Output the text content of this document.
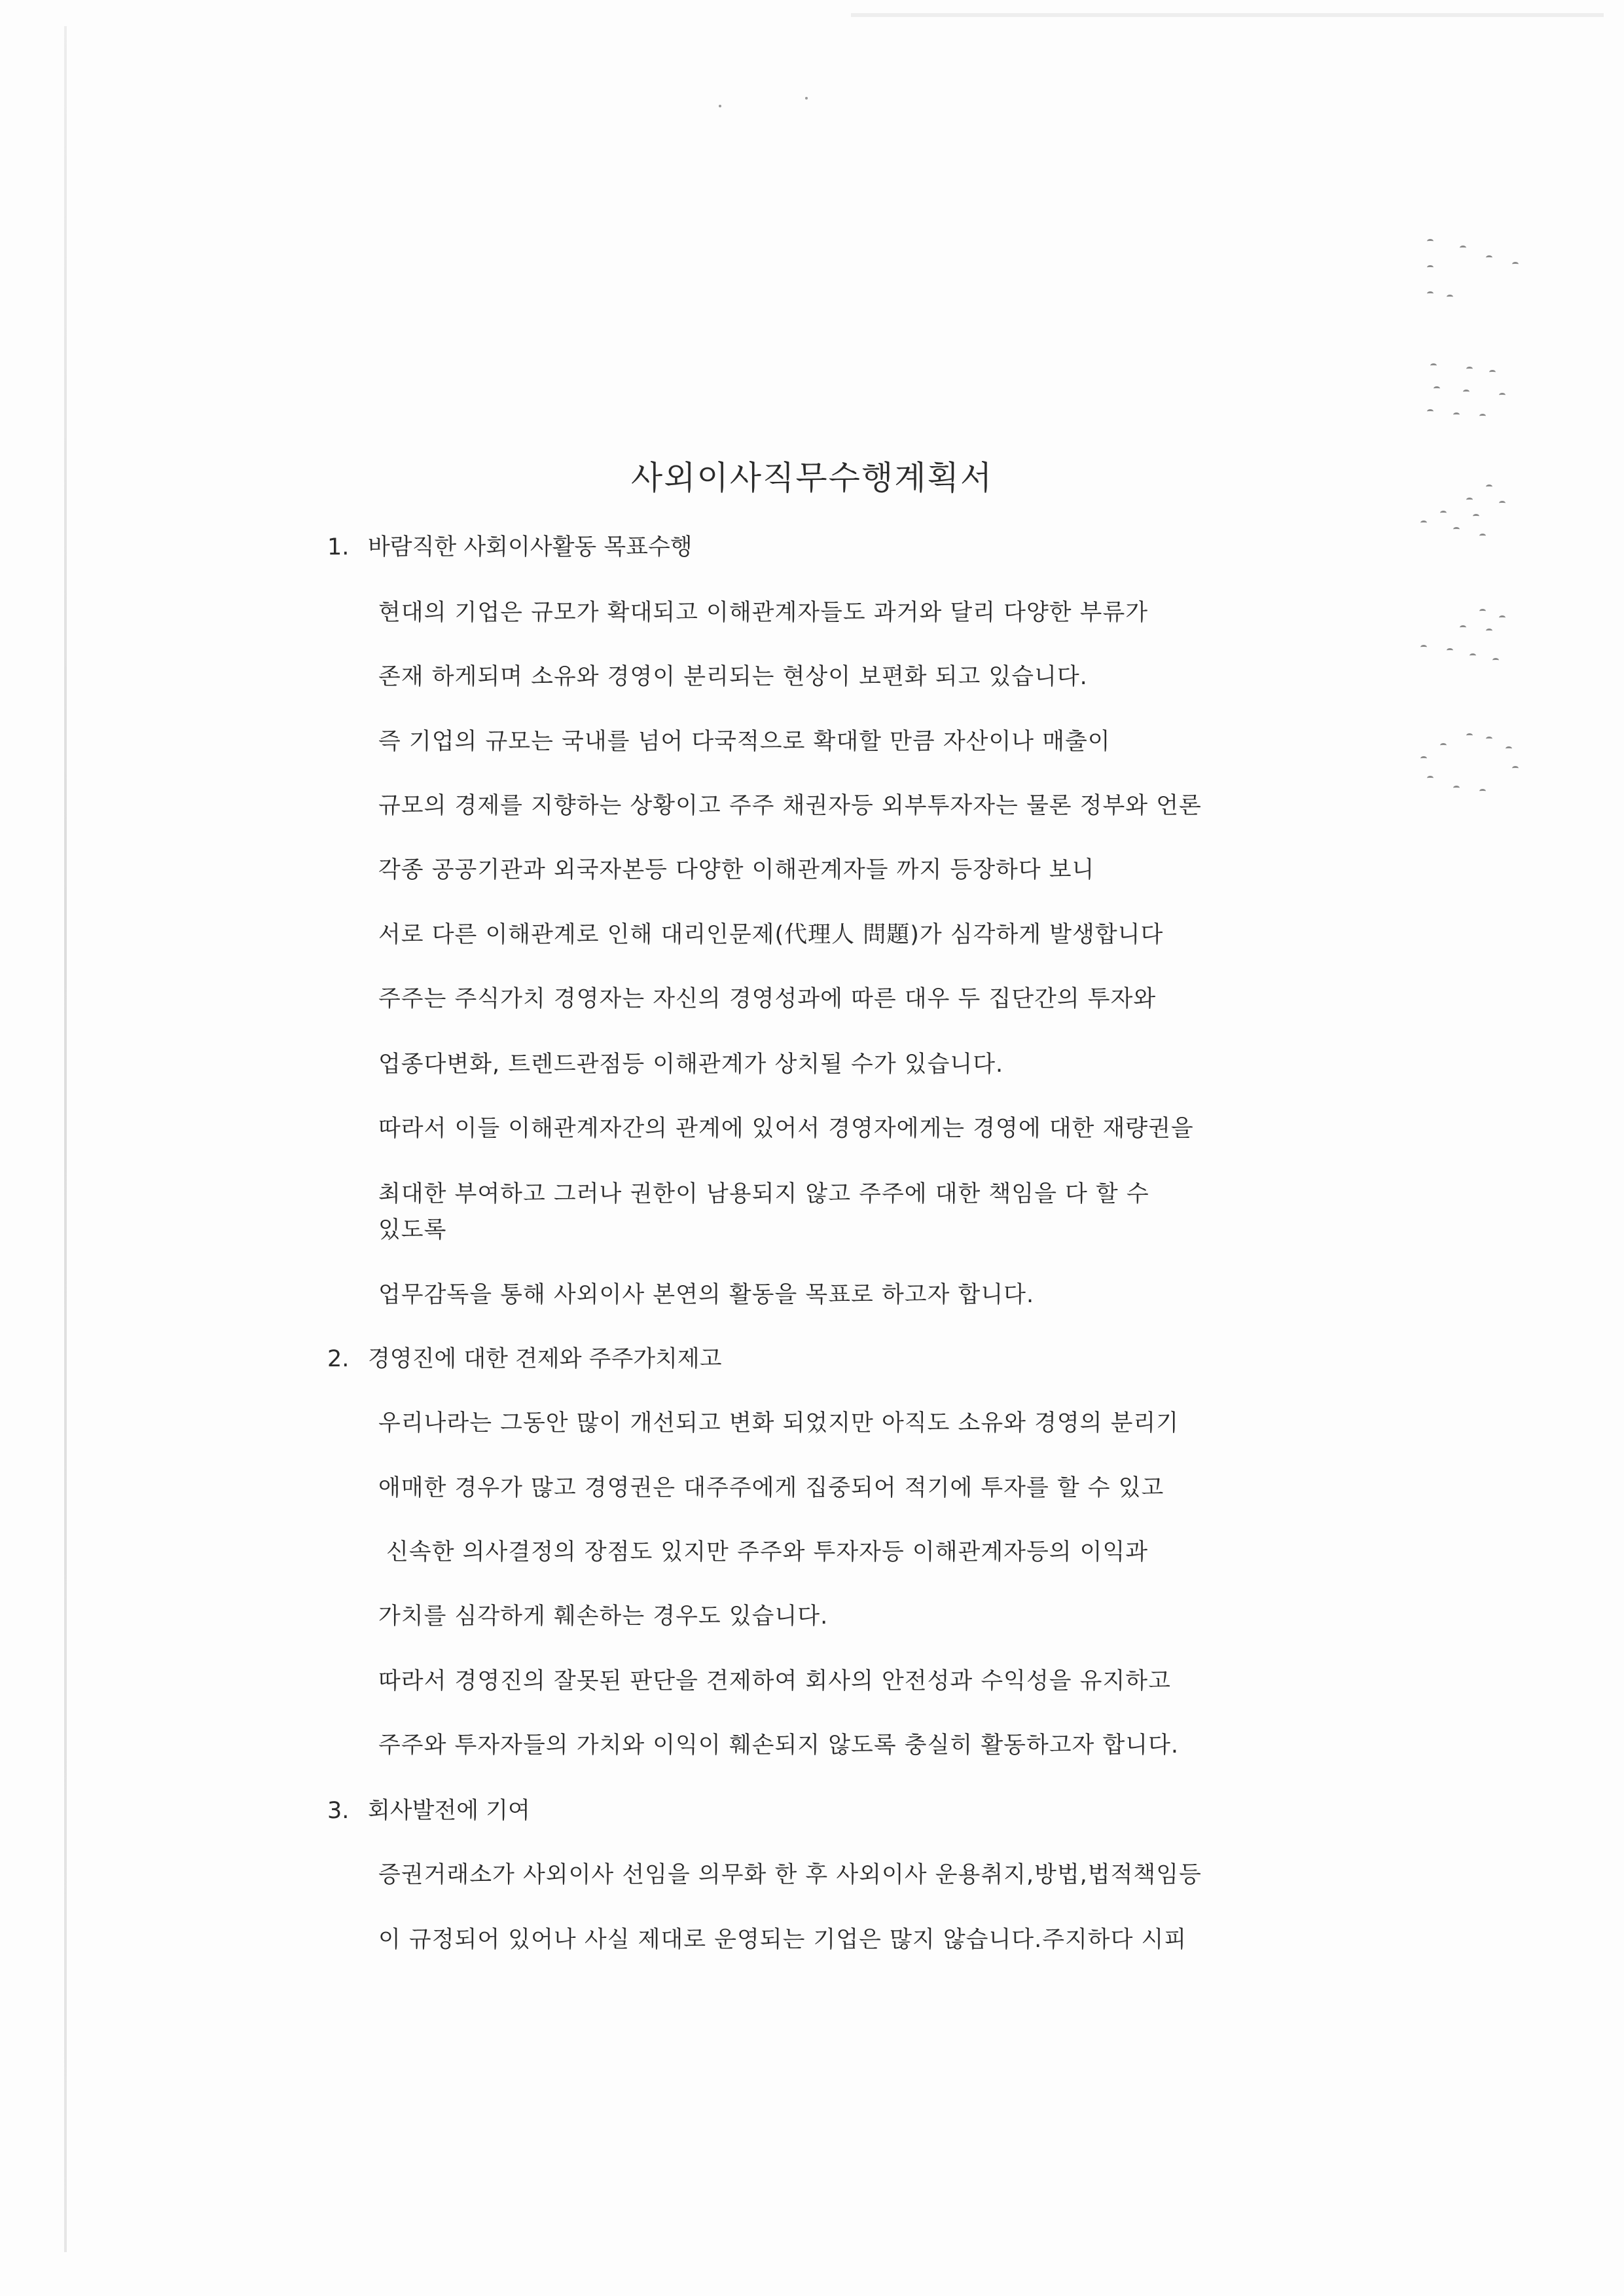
사외이사직무수행계획서
1. 바람직한 사회이사활동 목표수행
현대의 기업은 규모가 확대되고 이해관계자들도 과거와 달리 다양한 부류가
존재 하게되며 소유와 경영이 분리되는 현상이 보편화 되고 있습니다.
즉 기업의 규모는 국내를 넘어 다국적으로 확대할 만큼 자산이나 매출이
규모의 경제를 지향하는 상황이고 주주 채권자등 외부투자자는 물론 정부와 언론
각종 공공기관과 외국자본등 다양한 이해관계자들 까지 등장하다 보니
서로 다른 이해관계로 인해 대리인문제(代理人 問題)가 심각하게 발생합니다
주주는 주식가치 경영자는 자신의 경영성과에 따른 대우 두 집단간의 투자와
업종다변화, 트렌드관점등 이해관계가 상치될 수가 있습니다.
따라서 이들 이해관계자간의 관계에 있어서 경영자에게는 경영에 대한 재량권을
최대한 부여하고 그러나 권한이 남용되지 않고 주주에 대한 책임을 다 할 수
있도록
업무감독을 통해 사외이사 본연의 활동을 목표로 하고자 합니다.
2. 경영진에 대한 견제와 주주가치제고
우리나라는 그동안 많이 개선되고 변화 되었지만 아직도 소유와 경영의 분리기
애매한 경우가 많고 경영권은 대주주에게 집중되어 적기에 투자를 할 수 있고
신속한 의사결정의 장점도 있지만 주주와 투자자등 이해관계자등의 이익과
가치를 심각하게 훼손하는 경우도 있습니다.
따라서 경영진의 잘못된 판단을 견제하여 회사의 안전성과 수익성을 유지하고
주주와 투자자들의 가치와 이익이 훼손되지 않도록 충실히 활동하고자 합니다.
3. 회사발전에 기여
증권거래소가 사외이사 선임을 의무화 한 후 사외이사 운용취지,방법,법적책임등
이 규정되어 있어나 사실 제대로 운영되는 기업은 많지 않습니다.주지하다 시피
